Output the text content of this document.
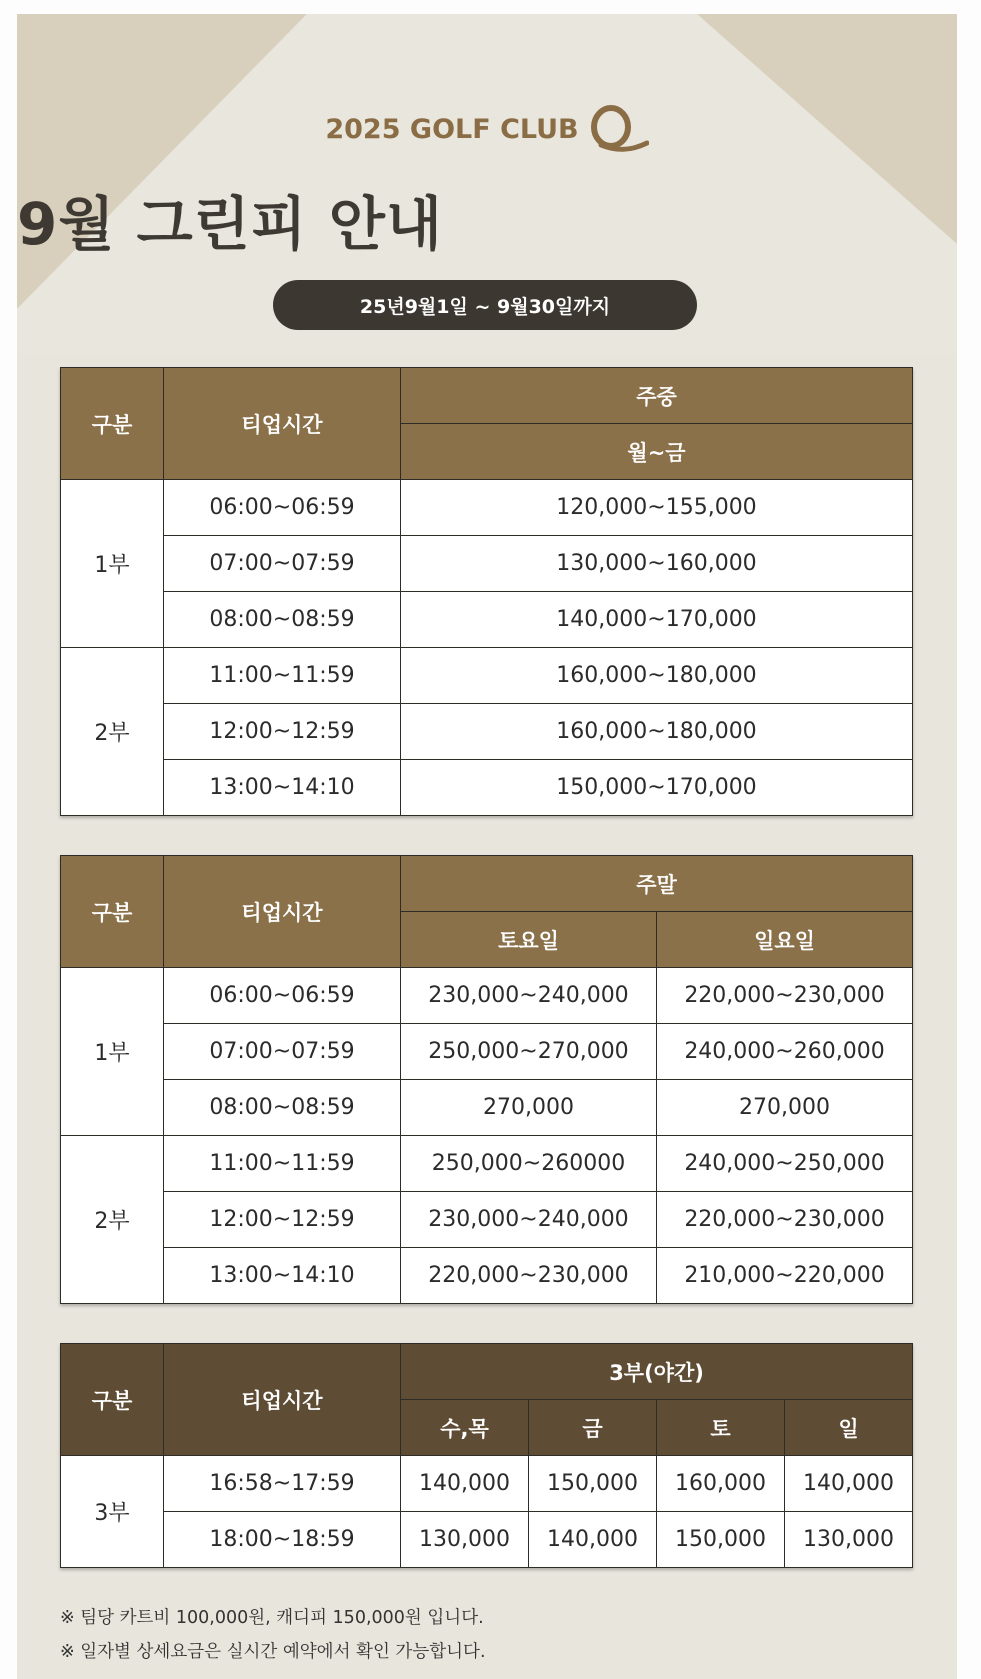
2025 GOLF CLUB
9월 그린피 안내
25년9월1일 ~ 9월30일까지
구분	티업시간	주중
		월~금
1부	06:00~06:59	120,000~155,000
	07:00~07:59	130,000~160,000
	08:00~08:59	140,000~170,000
2부	11:00~11:59	160,000~180,000
	12:00~12:59	160,000~180,000
	13:00~14:10	150,000~170,000
구분	티업시간	주말	
		토요일	일요일
1부	06:00~06:59	230,000~240,000	220,000~230,000
	07:00~07:59	250,000~270,000	240,000~260,000
	08:00~08:59	270,000	270,000
2부	11:00~11:59	250,000~260000	240,000~250,000
	12:00~12:59	230,000~240,000	220,000~230,000
	13:00~14:10	220,000~230,000	210,000~220,000
구분	티업시간	3부(야간)			
		수,목	금	토	일
3부	16:58~17:59	140,000	150,000	160,000	140,000
	18:00~18:59	130,000	140,000	150,000	130,000
※ 팀당 카트비 100,000원, 캐디피 150,000원 입니다.
※ 일자별 상세요금은 실시간 예약에서 확인 가능합니다.
